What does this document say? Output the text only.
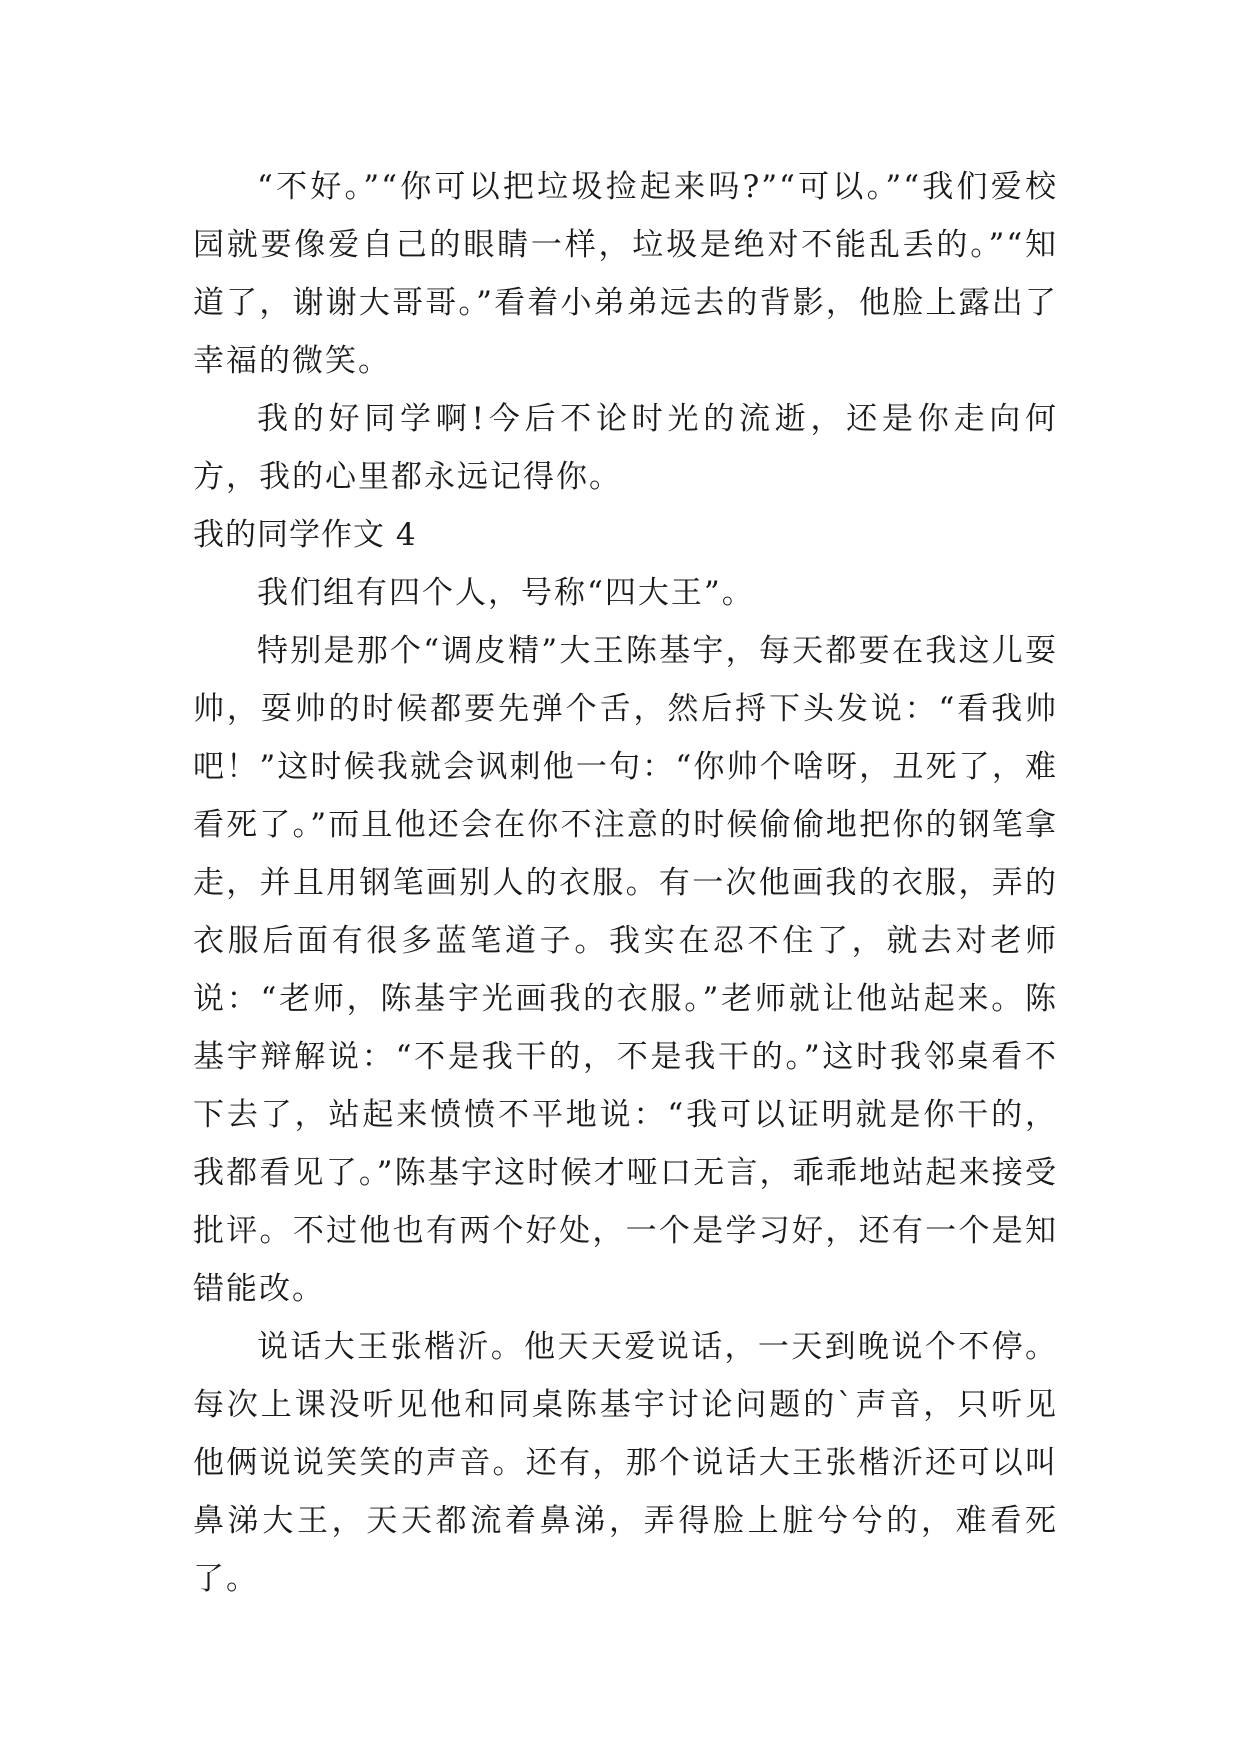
“不好。”“你可以把垃圾捡起来吗?”“可以。”“我们爱校园就要像爱自己的眼睛一样，垃圾是绝对不能乱丢的。”“知道了，谢谢大哥哥。”看着小弟弟远去的背影，他脸上露出了幸福的微笑。

我的好同学啊!今后不论时光的流逝，还是你走向何方，我的心里都永远记得你。

我的同学作文 4

我们组有四个人，号称“四大王”。

特别是那个“调皮精”大王陈基宇，每天都要在我这儿耍帅，耍帅的时候都要先弹个舌，然后捋下头发说：“看我帅吧！”这时候我就会讽刺他一句：“你帅个啥呀，丑死了，难看死了。”而且他还会在你不注意的时候偷偷地把你的钢笔拿走，并且用钢笔画别人的衣服。有一次他画我的衣服，弄的衣服后面有很多蓝笔道子。我实在忍不住了，就去对老师说：“老师，陈基宇光画我的衣服。”老师就让他站起来。陈基宇辩解说：“不是我干的，不是我干的。”这时我邻桌看不下去了，站起来愤愤不平地说：“我可以证明就是你干的，我都看见了。”陈基宇这时候才哑口无言，乖乖地站起来接受批评。不过他也有两个好处，一个是学习好，还有一个是知错能改。

说话大王张楷沂。他天天爱说话，一天到晚说个不停。每次上课没听见他和同桌陈基宇讨论问题的`声音，只听见他俩说说笑笑的声音。还有，那个说话大王张楷沂还可以叫鼻涕大王，天天都流着鼻涕，弄得脸上脏兮兮的，难看死了。
